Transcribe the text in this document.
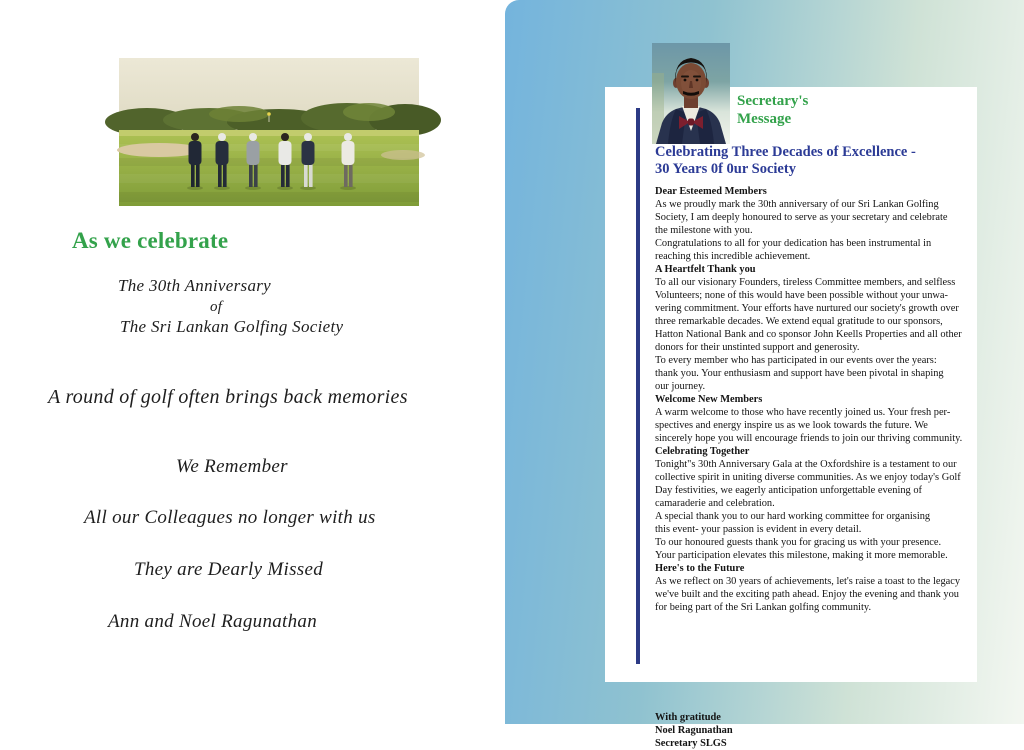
As we celebrate
The 30th Anniversary
of
The Sri Lankan Golfing Society
A round of golf often brings back memories
We Remember
All our Colleagues no longer with us
They are Dearly Missed
Ann and Noel Ragunathan
Secretary's
Message
Celebrating Three Decades of Excellence -
30 Years 0f 0ur Society
Dear Esteemed Members
As we proudly mark the 30th anniversary of our Sri Lankan Golfing
Society, I am deeply honoured to serve as your secretary and celebrate
the milestone with you.
Congratulations to all for your dedication has been instrumental in
reaching this incredible achievement.
A Heartfelt Thank you
To all our visionary Founders, tireless Committee members, and selfless
Volunteers; none of this would have been possible without your unwa-
vering commitment. Your efforts have nurtured our society's growth over
three remarkable decades. We extend equal gratitude to our sponsors,
Hatton National Bank and co sponsor John Keells Properties and all other
donors for their unstinted support and generosity.
To every member who has participated in our events over the years:
thank you. Your enthusiasm and support have been pivotal in shaping
our journey.
Welcome New Members
A warm welcome to those who have recently joined us. Your fresh per-
spectives and energy inspire us as we look towards the future. We
sincerely hope you will encourage friends to join our thriving community.
Celebrating Together
Tonight"s 30th Anniversary Gala at the Oxfordshire is a testament to our
collective spirit in uniting diverse communities. As we enjoy today's Golf
Day festivities, we eagerly anticipation unforgettable evening of
camaraderie and celebration.
A special thank you to our hard working committee for organising
this event- your passion is evident in every detail.
To our honoured guests thank you for gracing us with your presence.
Your participation elevates this milestone, making it more memorable.
Here's to the Future
As we reflect on 30 years of achievements, let's raise a toast to the legacy
we've built and the exciting path ahead. Enjoy the evening and thank you
for being part of the Sri Lankan golfing community.
With gratitude
Noel Ragunathan
Secretary SLGS
